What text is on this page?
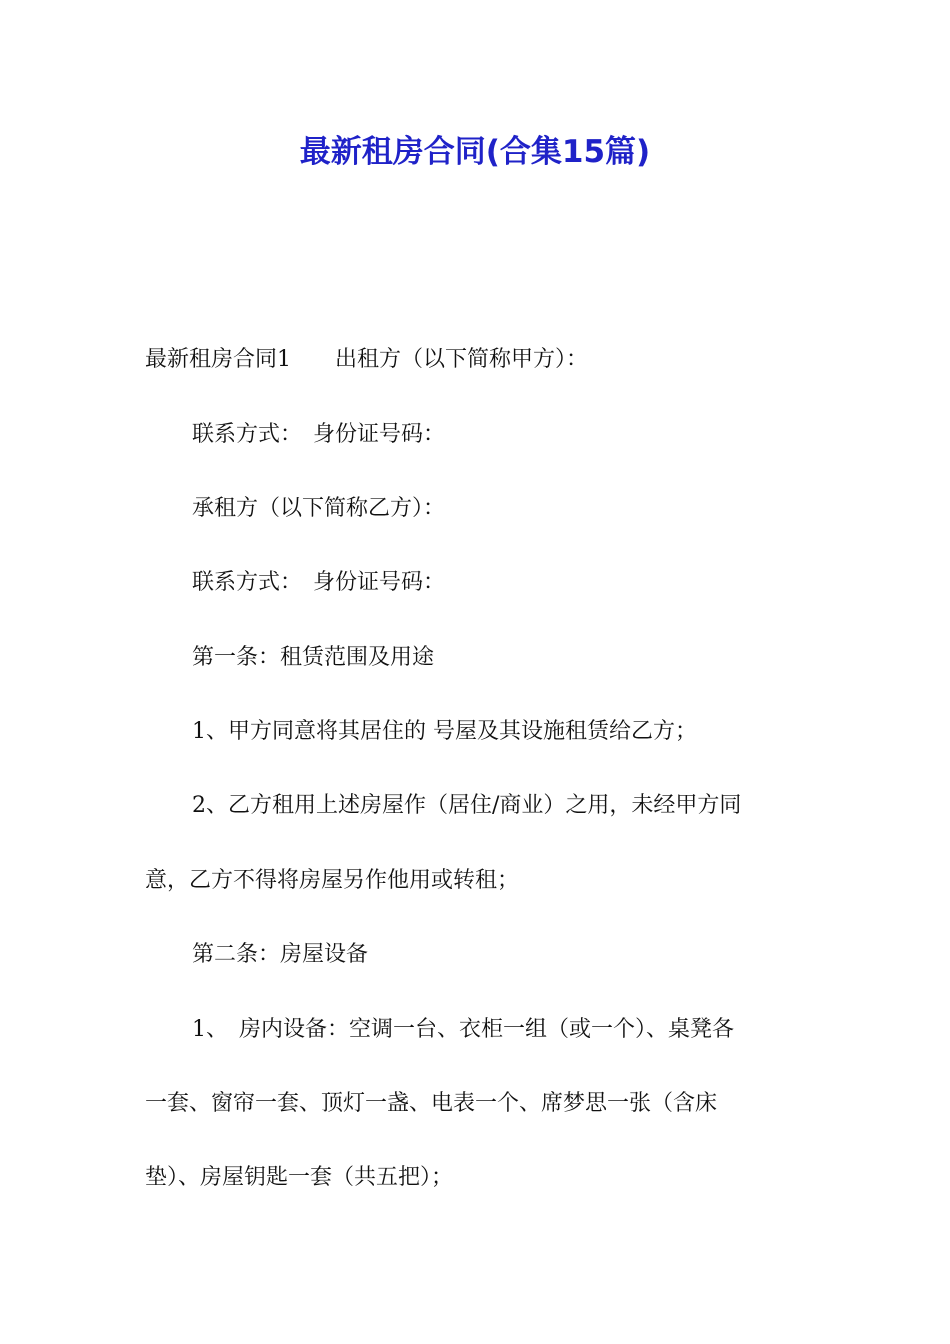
最新租房合同(合集15篇)
最新租房合同1　　出租方（以下简称甲方）：
联系方式：　身份证号码：
承租方（以下简称乙方）：
联系方式：　身份证号码：
第一条：租赁范围及用途
1、甲方同意将其居住的 号屋及其设施租赁给乙方；
2、乙方租用上述房屋作（居住/商业）之用，未经甲方同
意，乙方不得将房屋另作他用或转租；
第二条：房屋设备
1、　房内设备：空调一台、衣柜一组（或一个）、桌凳各
一套、窗帘一套、顶灯一盏、电表一个、席梦思一张（含床
垫）、房屋钥匙一套（共五把）；
